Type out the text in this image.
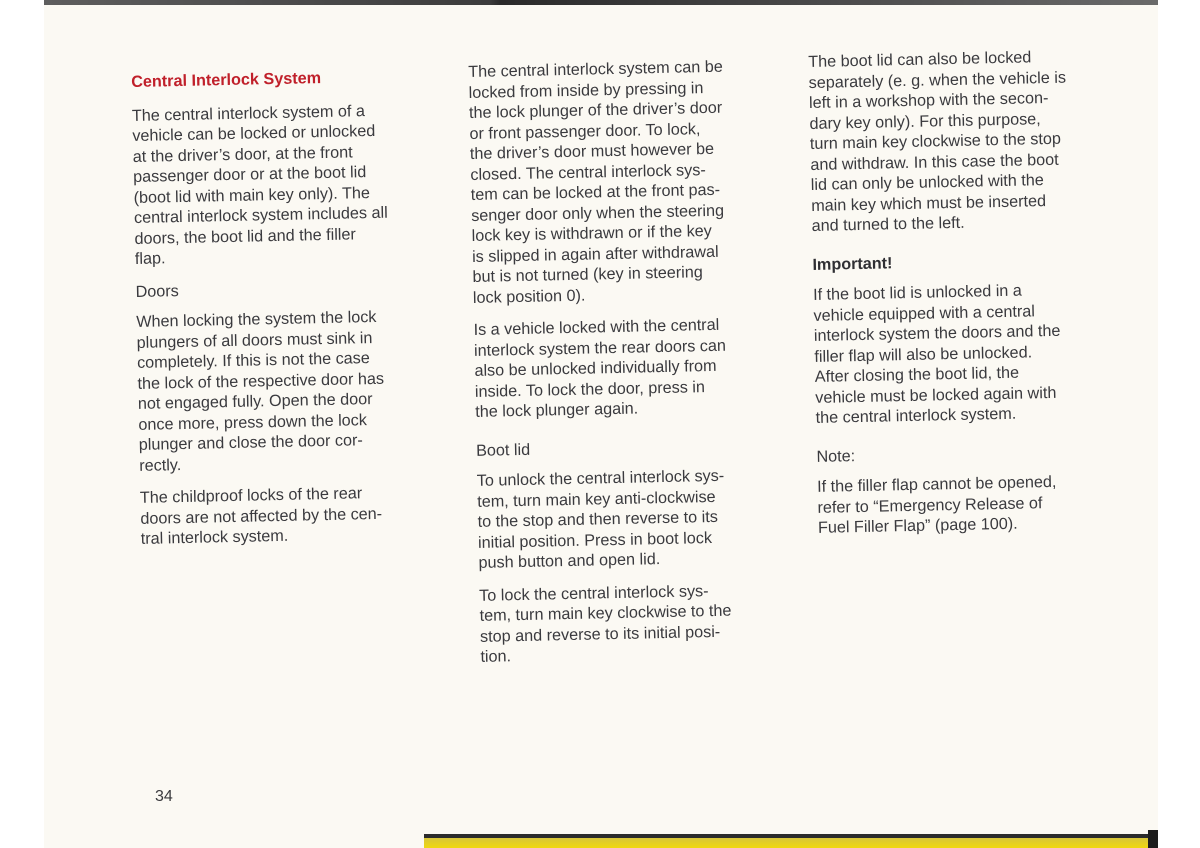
Central Interlock System
The central interlock system of a
vehicle can be locked or unlocked
at the driver’s door, at the front
passenger door or at the boot lid
(boot lid with main key only). The
central interlock system includes all
doors, the boot lid and the filler
flap.
Doors
When locking the system the lock
plungers of all doors must sink in
completely. If this is not the case
the lock of the respective door has
not engaged fully. Open the door
once more, press down the lock
plunger and close the door cor-
rectly.
The childproof locks of the rear
doors are not affected by the cen-
tral interlock system.
The central interlock system can be
locked from inside by pressing in
the lock plunger of the driver’s door
or front passenger door. To lock,
the driver’s door must however be
closed. The central interlock sys-
tem can be locked at the front pas-
senger door only when the steering
lock key is withdrawn or if the key
is slipped in again after withdrawal
but is not turned (key in steering
lock position 0).
Is a vehicle locked with the central
interlock system the rear doors can
also be unlocked individually from
inside. To lock the door, press in
the lock plunger again.
Boot lid
To unlock the central interlock sys-
tem, turn main key anti-clockwise
to the stop and then reverse to its
initial position. Press in boot lock
push button and open lid.
To lock the central interlock sys-
tem, turn main key clockwise to the
stop and reverse to its initial posi-
tion.
The boot lid can also be locked
separately (e. g. when the vehicle is
left in a workshop with the secon-
dary key only). For this purpose,
turn main key clockwise to the stop
and withdraw. In this case the boot
lid can only be unlocked with the
main key which must be inserted
and turned to the left.
Important!
If the boot lid is unlocked in a
vehicle equipped with a central
interlock system the doors and the
filler flap will also be unlocked.
After closing the boot lid, the
vehicle must be locked again with
the central interlock system.
Note:
If the filler flap cannot be opened,
refer to “Emergency Release of
Fuel Filler Flap” (page 100).
34
